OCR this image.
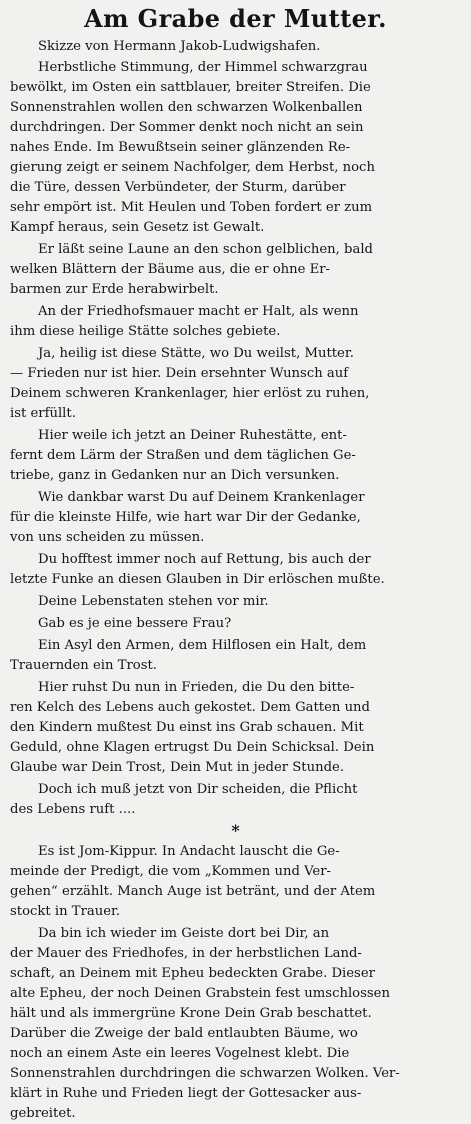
Am Grabe der Mutter.
Skizze von Hermann Jakob-Ludwigshafen.
Herbstliche Stimmung, der Himmel schwarzgrau
bewölkt, im Osten ein sattblauer, breiter Streifen. Die
Sonnenstrahlen wollen den schwarzen Wolkenballen
durchdringen. Der Sommer denkt noch nicht an sein
nahes Ende. Im Bewußtsein seiner glänzenden Re-
gierung zeigt er seinem Nachfolger, dem Herbst, noch
die Türe, dessen Verbündeter, der Sturm, darüber
sehr empört ist. Mit Heulen und Toben fordert er zum
Kampf heraus, sein Gesetz ist Gewalt.
Er läßt seine Laune an den schon gelblichen, bald
welken Blättern der Bäume aus, die er ohne Er-
barmen zur Erde herabwirbelt.
An der Friedhofsmauer macht er Halt, als wenn
ihm diese heilige Stätte solches gebiete.
Ja, heilig ist diese Stätte, wo Du weilst, Mutter.
— Frieden nur ist hier. Dein ersehnter Wunsch auf
Deinem schweren Krankenlager, hier erlöst zu ruhen,
ist erfüllt.
Hier weile ich jetzt an Deiner Ruhestätte, ent-
fernt dem Lärm der Straßen und dem täglichen Ge-
triebe, ganz in Gedanken nur an Dich versunken.
Wie dankbar warst Du auf Deinem Krankenlager
für die kleinste Hilfe, wie hart war Dir der Gedanke,
von uns scheiden zu müssen.
Du hofftest immer noch auf Rettung, bis auch der
letzte Funke an diesen Glauben in Dir erlöschen mußte.
Deine Lebenstaten stehen vor mir.
Gab es je eine bessere Frau?
Ein Asyl den Armen, dem Hilflosen ein Halt, dem
Trauernden ein Trost.
Hier ruhst Du nun in Frieden, die Du den bitte-
ren Kelch des Lebens auch gekostet. Dem Gatten und
den Kindern mußtest Du einst ins Grab schauen. Mit
Geduld, ohne Klagen ertrugst Du Dein Schicksal. Dein
Glaube war Dein Trost, Dein Mut in jeder Stunde.
Doch ich muß jetzt von Dir scheiden, die Pflicht
des Lebens ruft ....
*
Es ist Jom-Kippur. In Andacht lauscht die Ge-
meinde der Predigt, die vom „Kommen und Ver-
gehen“ erzählt. Manch Auge ist betränt, und der Atem
stockt in Trauer.
Da bin ich wieder im Geiste dort bei Dir, an
der Mauer des Friedhofes, in der herbstlichen Land-
schaft, an Deinem mit Epheu bedeckten Grabe. Dieser
alte Epheu, der noch Deinen Grabstein fest umschlossen
hält und als immergrüne Krone Dein Grab beschattet.
Darüber die Zweige der bald entlaubten Bäume, wo
noch an einem Aste ein leeres Vogelnest klebt. Die
Sonnenstrahlen durchdringen die schwarzen Wolken. Ver-
klärt in Ruhe und Frieden liegt der Gottesacker aus-
gebreitet.
